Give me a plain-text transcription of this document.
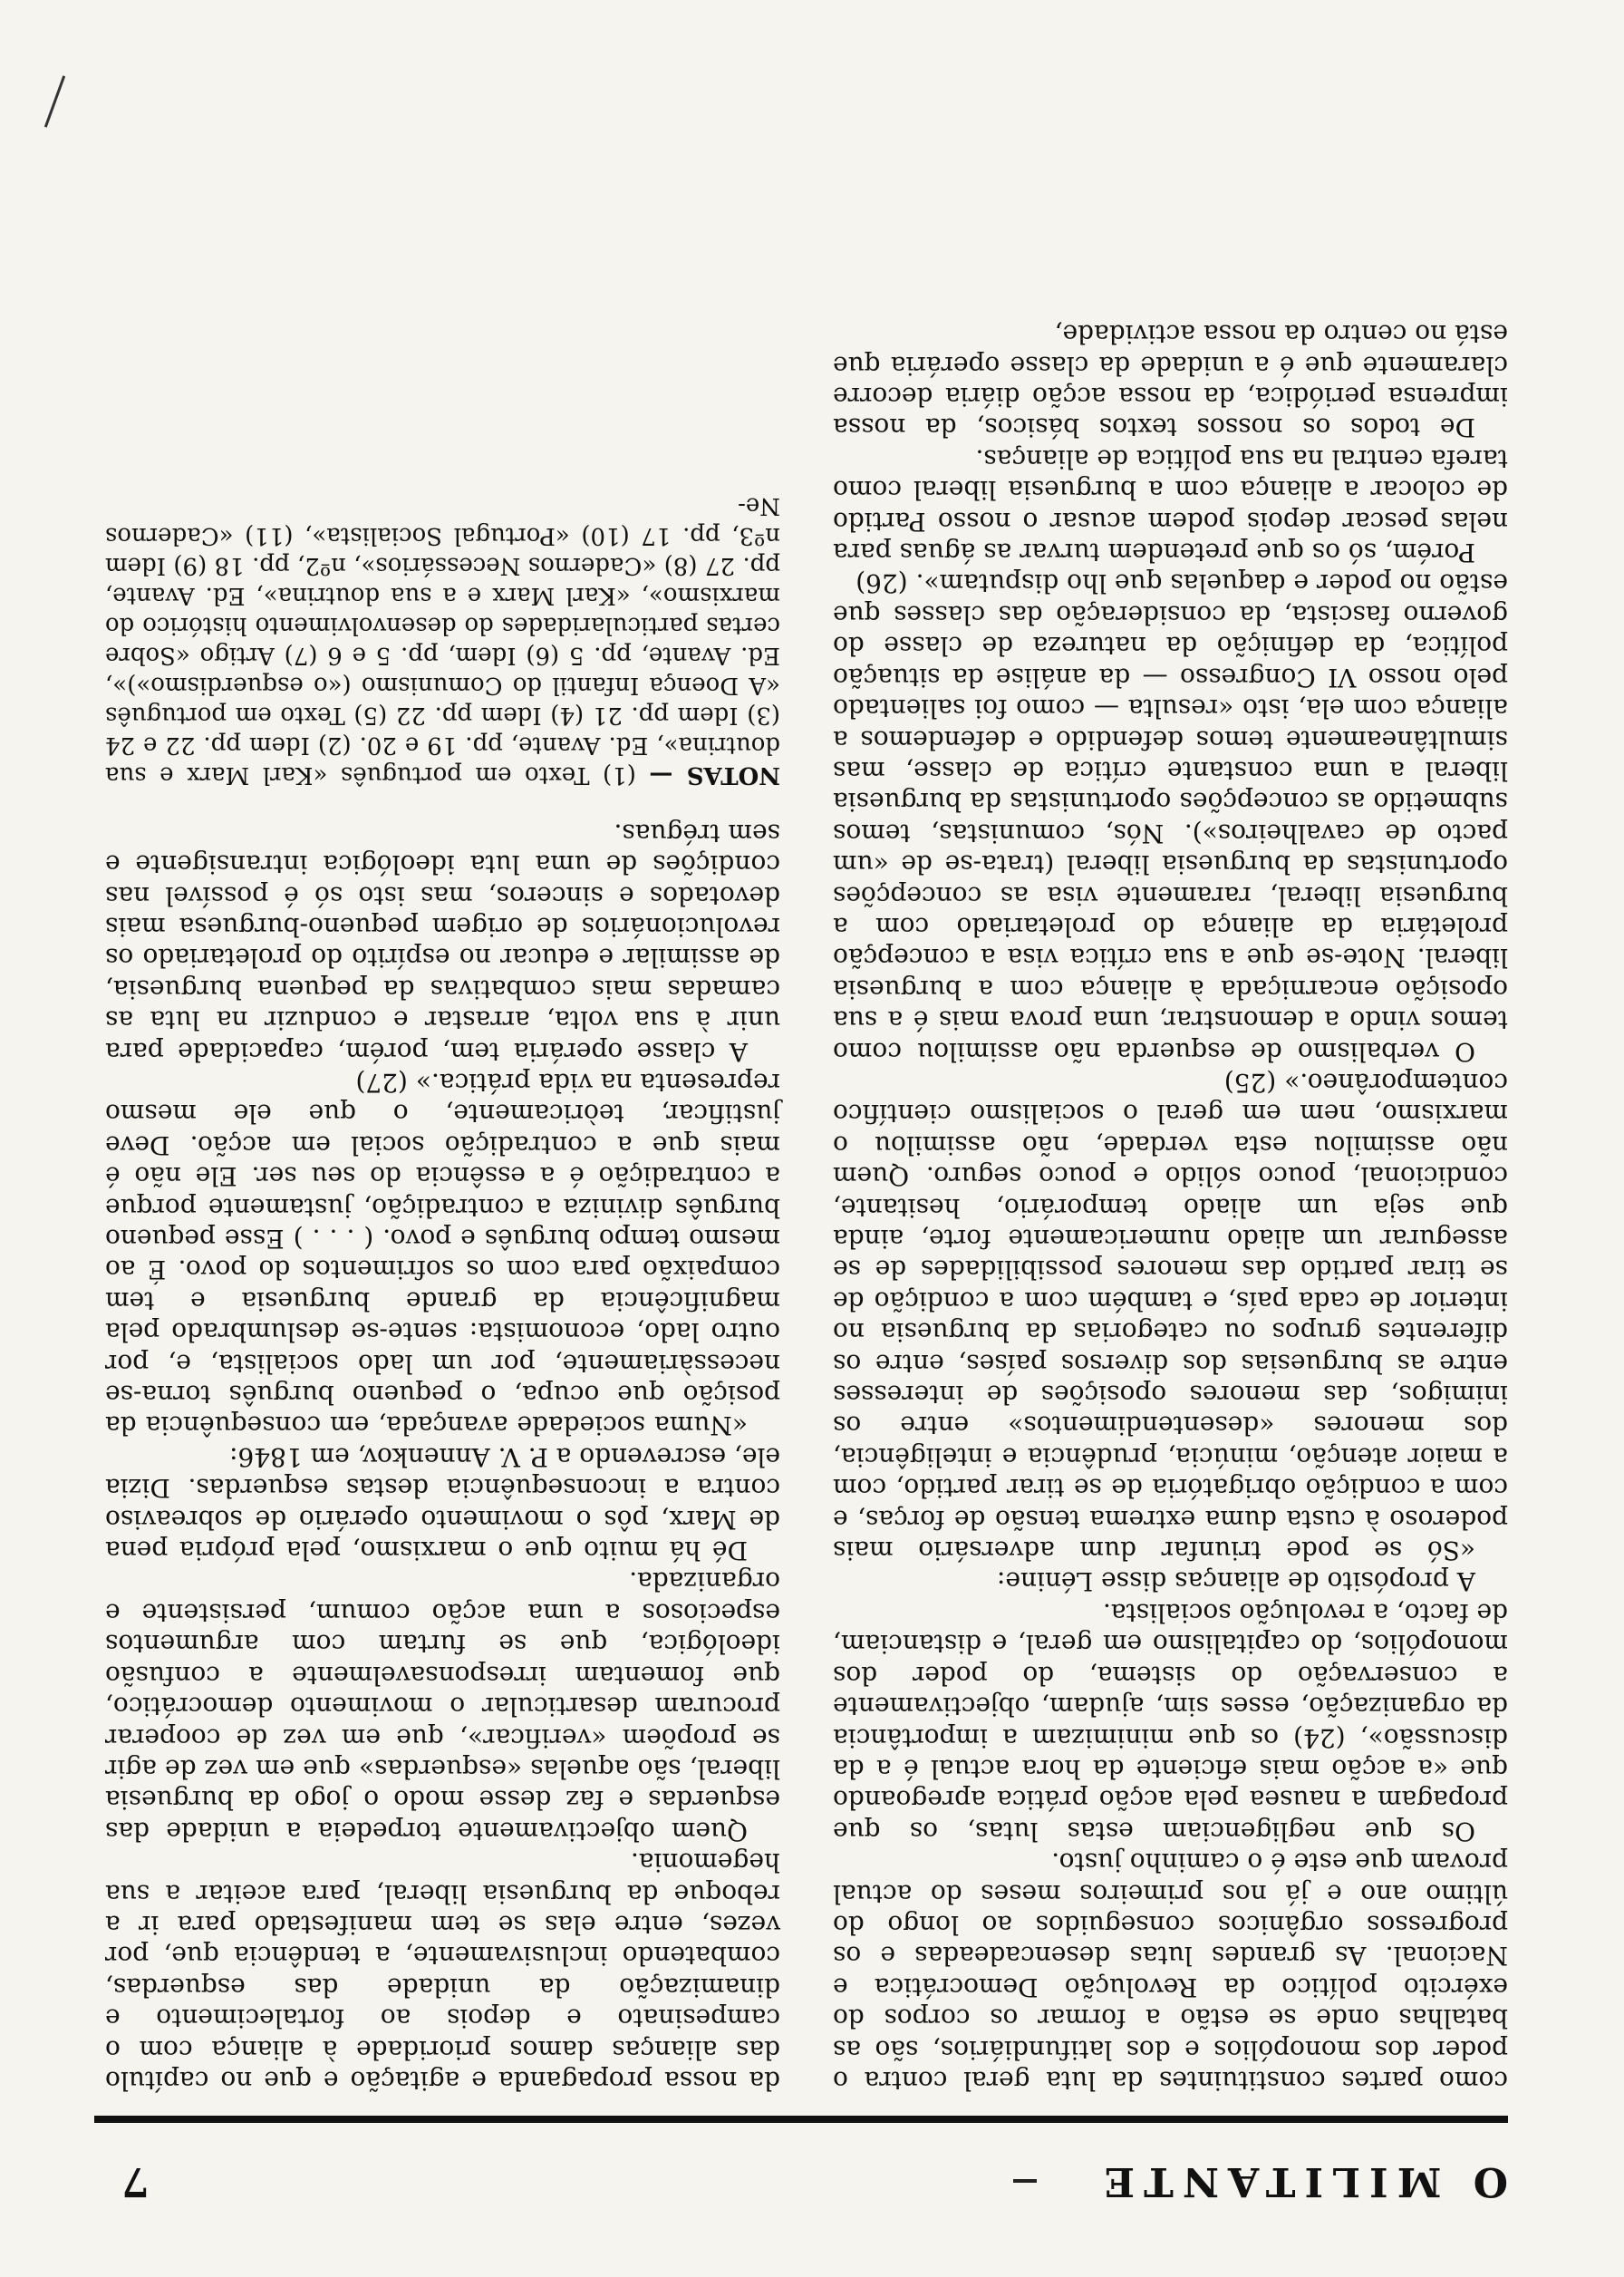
O MILITANTE
7

como partes constituintes da luta geral contra o poder dos monopólios e dos latifundiários, são as batalhas onde se estão a formar os corpos do exército político da Revolução Democrática e Nacional. As grandes lutas desencadeadas e os progressos orgânicos conseguidos ao longo do último ano e já nos primeiros meses do actual provam que este é o caminho justo.

Os que negligenciam estas lutas, os que propagam a nausea pela acção prática apregoando que «a acção mais eficiente da hora actual é a da discussão», (24) os que minimizam a importância da organização, esses sim, ajudam, objectivamente a conservação do sistema, do poder dos monopólios, do capitalismo em geral, e distanciam, de facto, a revolução socialista.

A propósito de alianças disse Lénine:

«Só se pode triunfar dum adversário mais poderoso à custa duma extrema tensão de forças, e com a condição obrigatória de se tirar partido, com a maior atenção, minúcia, prudência e inteligência, dos menores «desentendimentos» entre os inimigos, das menores oposições de interesses entre as burguesias dos diversos países, entre os diferentes grupos ou categorias da burguesia no interior de cada país, e também com a condição de se tirar partido das menores possibilidades de se assegurar um aliado numericamente forte, ainda que seja um aliado temporário, hesitante, condicional, pouco sólido e pouco seguro. Quem não assimilou esta verdade, não assimilou o marxismo, nem em geral o socialismo científico contemporâneo.» (25)

O verbalismo de esquerda não assimilou como temos vindo a demonstrar, uma prova mais é a sua oposição encarniçada à aliança com a burguesia liberal. Note-se que a sua crítica visa a concepção proletária da aliança do proletariado com a burguesia liberal, raramente visa as concepções oportunistas da burguesia liberal (trata-se de «um pacto de cavalheiros»). Nós, comunistas, temos submetido as concepções oportunistas da burguesia liberal a uma constante crítica de classe, mas simultâneamente temos defendido e defendemos a aliança com ela, isto «resulta — como foi salientado pelo nosso VI Congresso — da análise da situação política, da definição da natureza de classe do governo fascista, da consideração das classes que estão no poder e daquelas que lho disputam». (26)

Porém, só os que pretendem turvar as águas para nelas pescar depois podem acusar o nosso Partido de colocar a aliança com a burguesia liberal como tarefa central na sua política de alianças.

De todos os nossos textos básicos, da nossa imprensa periódica, da nossa acção diária decorre claramente que é a unidade da classe operária que está no centro da nossa actividade,

da nossa propaganda e agitação e que no capítulo das alianças damos prioridade à aliança com o campesinato e depois ao fortalecimento e dinamização da unidade das esquerdas, combatendo inclusivamente, a tendência que, por vezes, entre elas se tem manifestado para ir a reboque da burguesia liberal, para aceitar a sua hegemonia.

Quem objectivamente torpedeia a unidade das esquerdas e faz desse modo o jogo da burguesia liberal, são aquelas «esquerdas» que em vez de agir se propõem «verificar», que em vez de cooperar procuram desarticular o movimento democrático, que fomentam irresponsavelmente a confusão ideológica, que se furtam com argumentos especiosos a uma acção comum, persistente e organizada.

Dé há muito que o marxismo, pela própria pena de Marx, pôs o movimento operário de sobreaviso contra a inconsequência destas esquerdas. Dizia ele, escrevendo a P. V. Annenkov, em 1846:

«Numa sociedade avançada, em consequência da posição que ocupa, o pequeno burguês torna-se necessàriamente, por um lado socialista, e, por outro lado, economista: sente-se deslumbrado pela magnificência da grande burguesia e tem compaixão para com os sofrimentos do povo. É ao mesmo tempo burguês e povo. ( . . . ) Esse pequeno burguês diviniza a contradição, justamente porque a contradição é a essência do seu ser. Ele não é mais que a contradição social em acção. Deve justificar, teòricamente, o que ele mesmo representa na vida prática.» (27)

A classe operária tem, porém, capacidade para unir à sua volta, arrastar e conduzir na luta as camadas mais combativas da pequena burguesia, de assimilar e educar no espírito do proletariado os revolucionários de origem pequeno-burguesa mais devotados e sinceros, mas isto só é possível nas condições de uma luta ideológica intransigente e sem tréguas.

NOTAS — (1) Texto em português «Karl Marx e sua doutrina», Ed. Avante, pp. 19 e 20. (2) Idem pp. 22 e 24 (3) Idem pp. 21 (4) Idem pp. 22 (5) Texto em português «A Doença Infantil do Comunismo («o esquerdismo»)», Ed. Avante, pp. 5 (6) Idem, pp. 5 e 6 (7) Artigo «Sobre certas particularidades do desenvolvimento histórico do marxismo», «Karl Marx e a sua doutrina», Ed. Avante, pp. 27 (8) «Cadernos Necessários», nº2, pp. 18 (9) Idem nº3, pp. 17 (10) «Portugal Socialista», (11) «Cadernos Ne-
